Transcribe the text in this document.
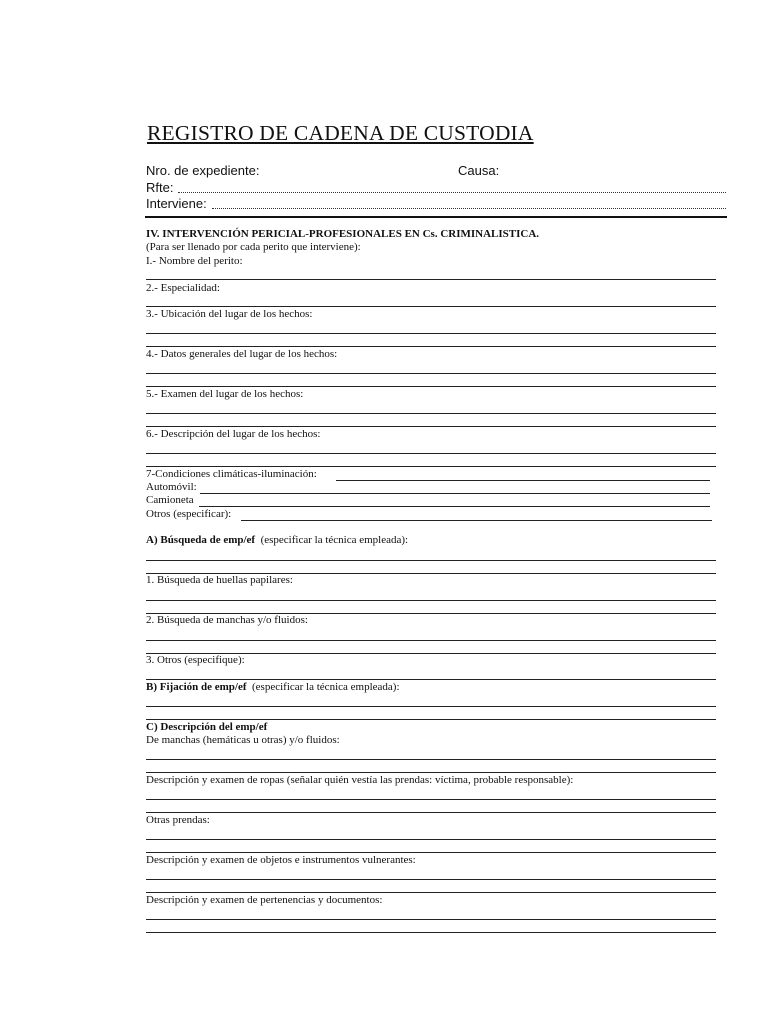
REGISTRO DE CADENA DE CUSTODIA
Nro. de expediente:	Causa:
Rfte:
Interviene:
IV. INTERVENCIÓN PERICIAL-PROFESIONALES EN Cs. CRIMINALISTICA.
(Para ser llenado por cada perito que interviene):
I.- Nombre del perito:
2.- Especialidad:
3.- Ubicación del lugar de los hechos:
4.- Datos generales del lugar de los hechos:
5.- Examen del lugar de los hechos:
6.- Descripción del lugar de los hechos:
7-Condiciones climáticas-iluminación:
Automóvil:
Camioneta
Otros (especificar):
A) Búsqueda de emp/ef (especificar la técnica empleada):
1. Búsqueda de huellas papilares:
2. Búsqueda de manchas y/o fluidos:
3. Otros (especifique):
B) Fijación de emp/ef (especificar la técnica empleada):
C) Descripción del emp/ef
De manchas (hemáticas u otras) y/o fluidos:
Descripción y examen de ropas (señalar quién vestía las prendas: víctima, probable responsable):
Otras prendas:
Descripción y examen de objetos e instrumentos vulnerantes:
Descripción y examen de pertenencias y documentos:
